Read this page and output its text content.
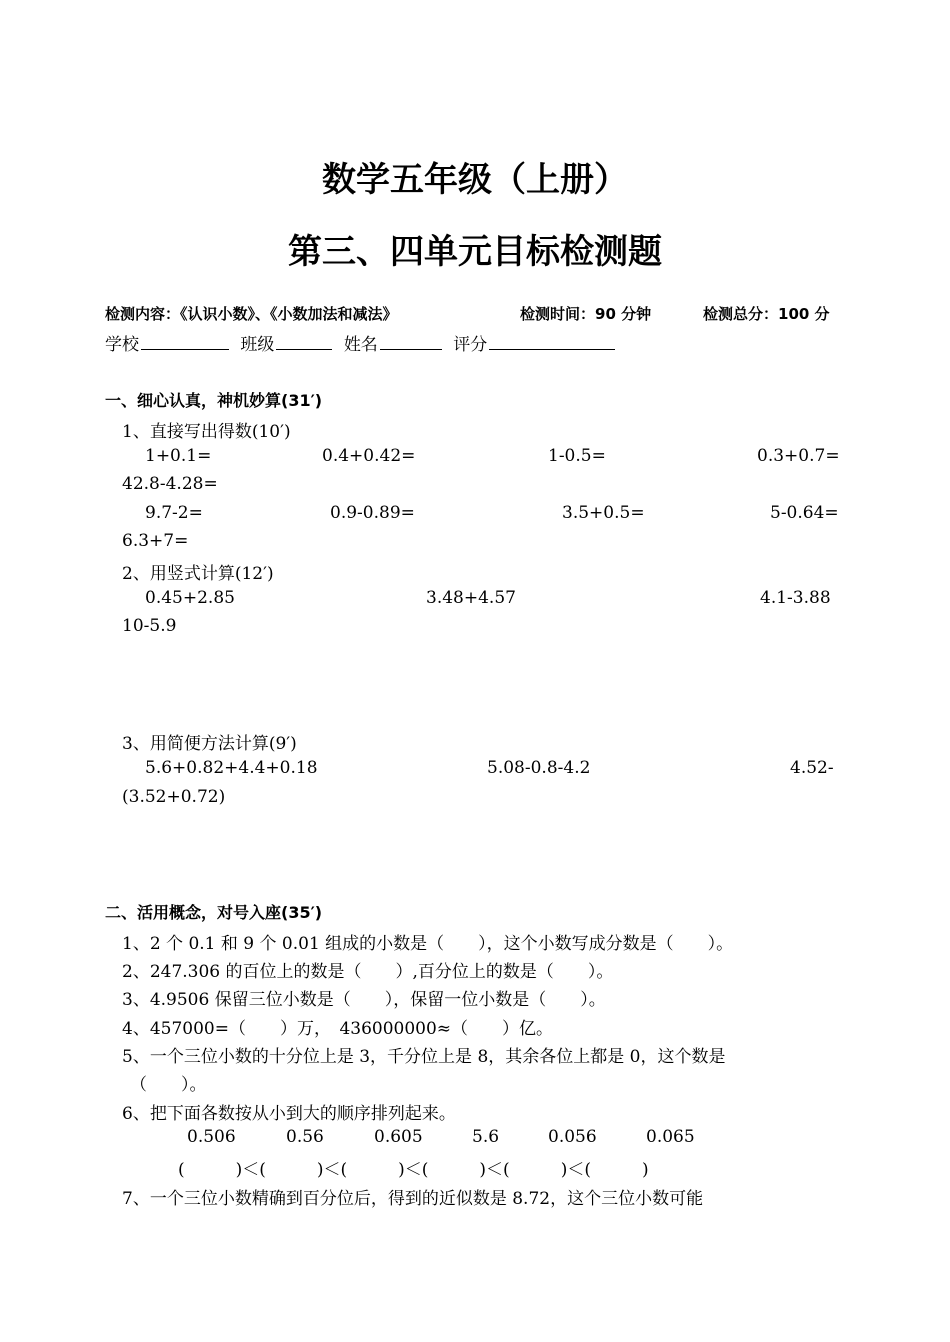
数学五年级（上册）
第三、四单元目标检测题
检测内容：《认识小数》、《小数加法和减法》	检测时间：90 分钟	检测总分：100 分
学校	班级	姓名	评分
一、细心认真，神机妙算(31′)
1、直接写出得数(10′)
1+0.1=	0.4+0.42=	1-0.5=	0.3+0.7=
42.8-4.28=
9.7-2=	0.9-0.89=	3.5+0.5=	5-0.64=
6.3+7=
2、用竖式计算(12′)
0.45+2.85	3.48+4.57	4.1-3.88
10-5.9
3、用简便方法计算(9′)
5.6+0.82+4.4+0.18	5.08-0.8-4.2	4.52-
(3.52+0.72)
二、活用概念，对号入座(35′)
1、2 个 0.1 和 9 个 0.01 组成的小数是（　　），这个小数写成分数是（　　）。
2、247.306 的百位上的数是（　　）,百分位上的数是（　　）。
3、4.9506 保留三位小数是（　　），保留一位小数是（　　）。
4、457000=（　　）万，　436000000≈（　　）亿。
5、一个三位小数的十分位上是 3，千分位上是 8，其余各位上都是 0，这个数是
（　　）。
6、把下面各数按从小到大的顺序排列起来。
0.506	0.56	0.605	5.6	0.056	0.065
(　　　)＜(　　　)＜(　　　)＜(　　　)＜(　　　)＜(　　　)
7、一个三位小数精确到百分位后，得到的近似数是 8.72，这个三位小数可能
